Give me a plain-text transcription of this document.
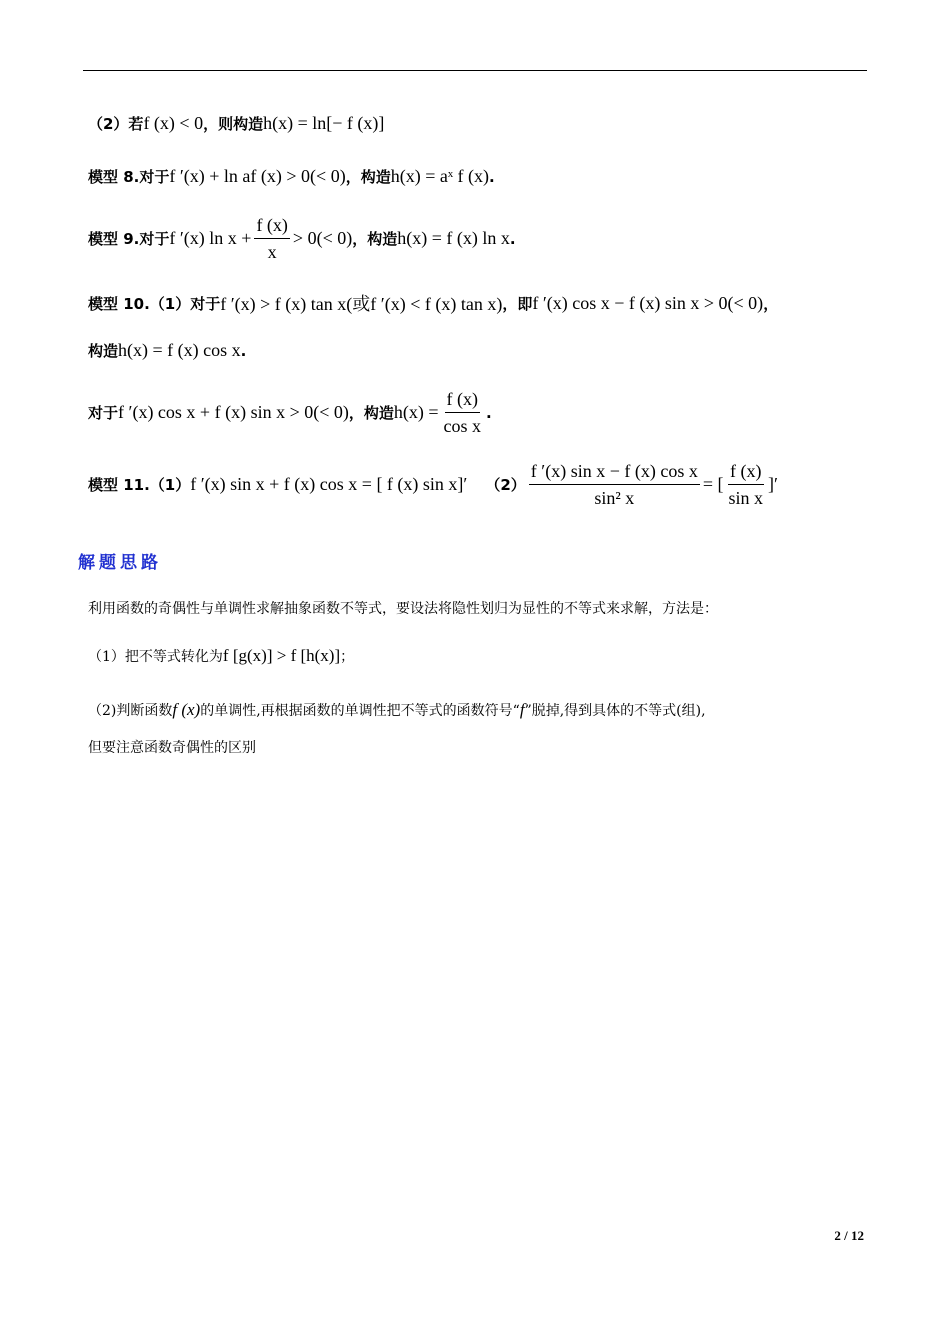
（2）若 f (x) < 0 ，则构造 h(x) = ln[− f (x)]
模型 8.对于 f ′(x) + ln af (x) > 0(< 0) ，构造 h(x) = aˣ f (x) .
模型 9.对于 f ′(x) $\ln x + \frac{f (x)}{x} > 0(< 0)$ ，构造 h(x) = f (x) ln x .
模型 10.（1）对于 f ′(x) > f (x) tan x(或f ′(x) < f (x) tan x) ，即 f ′(x) cos x − f (x) sin x > 0(< 0) ，
构造 h(x) = f (x) cos x .
对于 f ′(x) cos x + f (x) sin x > 0(< 0) ，构造 $h(x) = \frac{f (x)}{\text{cos x}}$ .
模型 11.（1） f ′(x) sin x + f (x) cos x = [ f (x) sin x]′ $(2) \frac{\text{f ′(x) sin x − f (x) cos x}}{\text{sin² x}}$ = [ $\frac{f (x)}{\text{sin x}}$ ]′
解题思路
利用函数的奇偶性与单调性求解抽象函数不等式，要设法将隐性划归为显性的不等式来求解，方法是：
（1）把不等式转化为 f [g(x)] > f [h(x)] ；
（2)判断函数 f (x) 的单调性,再根据函数的单调性把不等式的函数符号“ f ”脱掉,得到具体的不等式(组),
但要注意函数奇偶性的区别
2 / 12
